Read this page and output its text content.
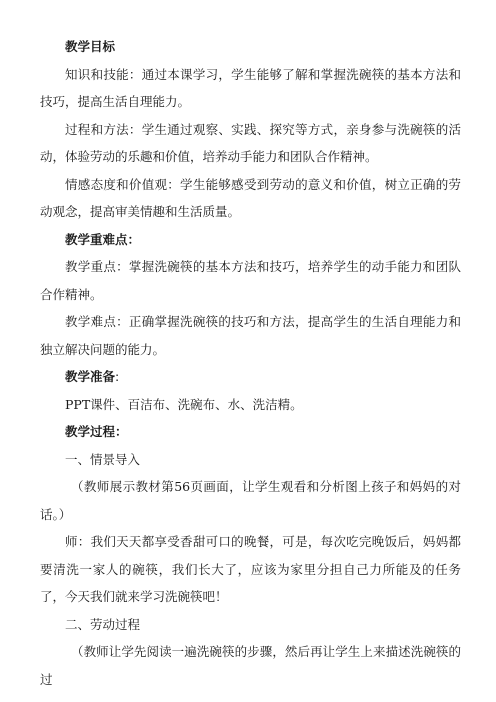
教学目标

知识和技能：通过本课学习，学生能够了解和掌握洗碗筷的基本方法和技巧，提高生活自理能力。

过程和方法：学生通过观察、实践、探究等方式，亲身参与洗碗筷的活动，体验劳动的乐趣和价值，培养动手能力和团队合作精神。

情感态度和价值观：学生能够感受到劳动的意义和价值，树立正确的劳动观念，提高审美情趣和生活质量。

教学重难点：

教学重点：掌握洗碗筷的基本方法和技巧，培养学生的动手能力和团队合作精神。

教学难点：正确掌握洗碗筷的技巧和方法，提高学生的生活自理能力和独立解决问题的能力。

教学准备:

PPT课件、百洁布、洗碗布、水、洗洁精。

教学过程：

一、情景导入

（教师展示教材第56页画面，让学生观看和分析图上孩子和妈妈的对话。）

师：我们天天都享受香甜可口的晚餐，可是，每次吃完晚饭后，妈妈都要清洗一家人的碗筷，我们长大了，应该为家里分担自己力所能及的任务了，今天我们就来学习洗碗筷吧！

二、劳动过程

（教师让学先阅读一遍洗碗筷的步骤，然后再让学生上来描述洗碗筷的过
